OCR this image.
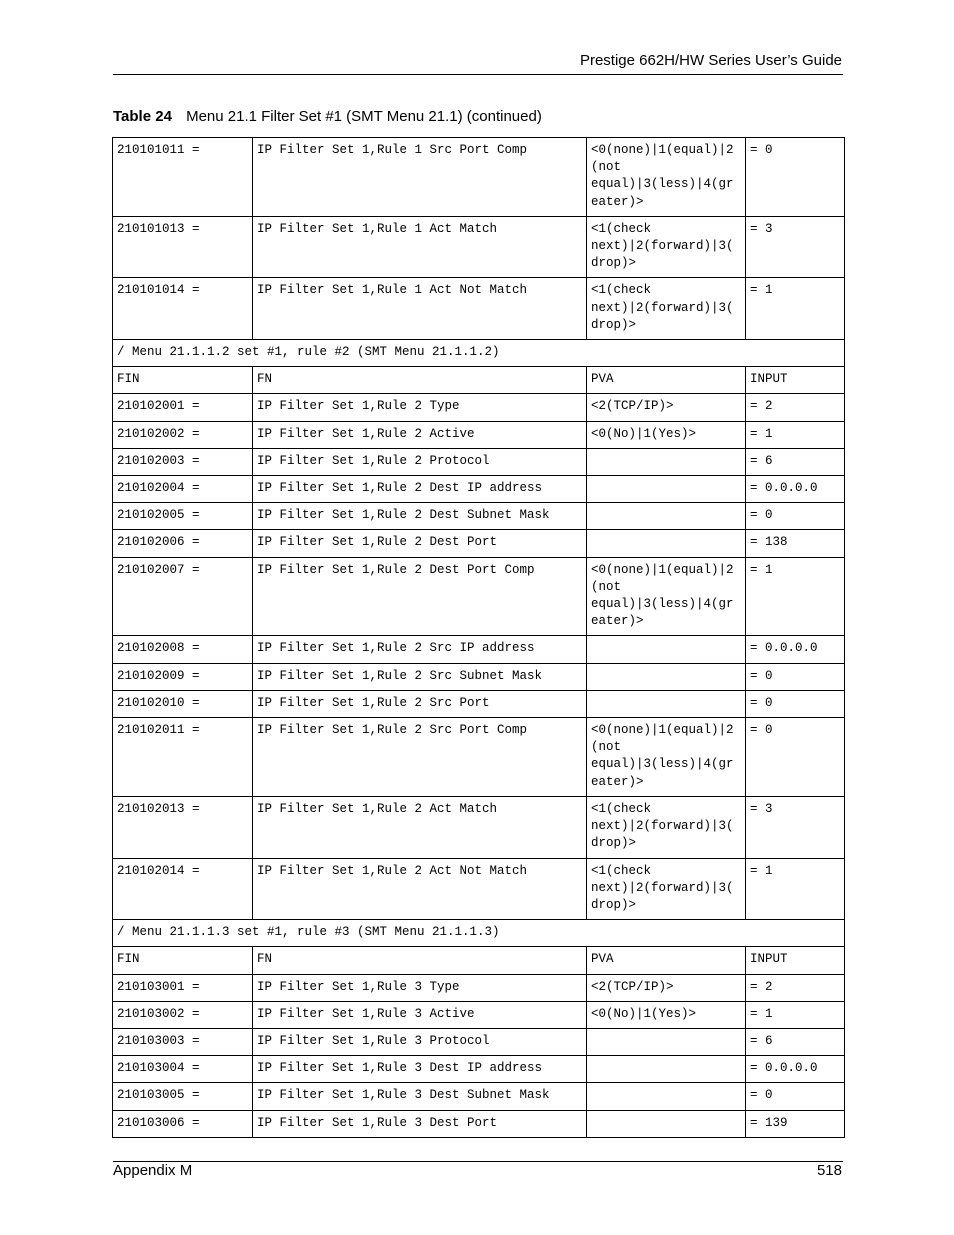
Prestige 662H/HW Series User’s Guide
Table 24 Menu 21.1 Filter Set #1 (SMT Menu 21.1) (continued)
210101011 =	IP Filter Set 1,Rule 1 Src Port Comp	<0(none)|1(equal)|2(not equal)|3(less)|4(greater)>	= 0
210101013 =	IP Filter Set 1,Rule 1 Act Match	<1(check next)|2(forward)|3(drop)>	= 3
210101014 =	IP Filter Set 1,Rule 1 Act Not Match	<1(check next)|2(forward)|3(drop)>	= 1
/ Menu 21.1.1.2 set #1, rule #2 (SMT Menu 21.1.1.2)			
FIN	FN	PVA	INPUT
210102001 =	IP Filter Set 1,Rule 2 Type	<2(TCP/IP)>	= 2
210102002 =	IP Filter Set 1,Rule 2 Active	<0(No)|1(Yes)>	= 1
210102003 =	IP Filter Set 1,Rule 2 Protocol		= 6
210102004 =	IP Filter Set 1,Rule 2 Dest IP address		= 0.0.0.0
210102005 =	IP Filter Set 1,Rule 2 Dest Subnet Mask		= 0
210102006 =	IP Filter Set 1,Rule 2 Dest Port		= 138
210102007 =	IP Filter Set 1,Rule 2 Dest Port Comp	<0(none)|1(equal)|2(not equal)|3(less)|4(greater)>	= 1
210102008 =	IP Filter Set 1,Rule 2 Src IP address		= 0.0.0.0
210102009 =	IP Filter Set 1,Rule 2 Src Subnet Mask		= 0
210102010 =	IP Filter Set 1,Rule 2 Src Port		= 0
210102011 =	IP Filter Set 1,Rule 2 Src Port Comp	<0(none)|1(equal)|2(not equal)|3(less)|4(greater)>	= 0
210102013 =	IP Filter Set 1,Rule 2 Act Match	<1(check next)|2(forward)|3(drop)>	= 3
210102014 =	IP Filter Set 1,Rule 2 Act Not Match	<1(check next)|2(forward)|3(drop)>	= 1
/ Menu 21.1.1.3 set #1, rule #3 (SMT Menu 21.1.1.3)			
FIN	FN	PVA	INPUT
210103001 =	IP Filter Set 1,Rule 3 Type	<2(TCP/IP)>	= 2
210103002 =	IP Filter Set 1,Rule 3 Active	<0(No)|1(Yes)>	= 1
210103003 =	IP Filter Set 1,Rule 3 Protocol		= 6
210103004 =	IP Filter Set 1,Rule 3 Dest IP address		= 0.0.0.0
210103005 =	IP Filter Set 1,Rule 3 Dest Subnet Mask		= 0
210103006 =	IP Filter Set 1,Rule 3 Dest Port		= 139
Appendix M	518
